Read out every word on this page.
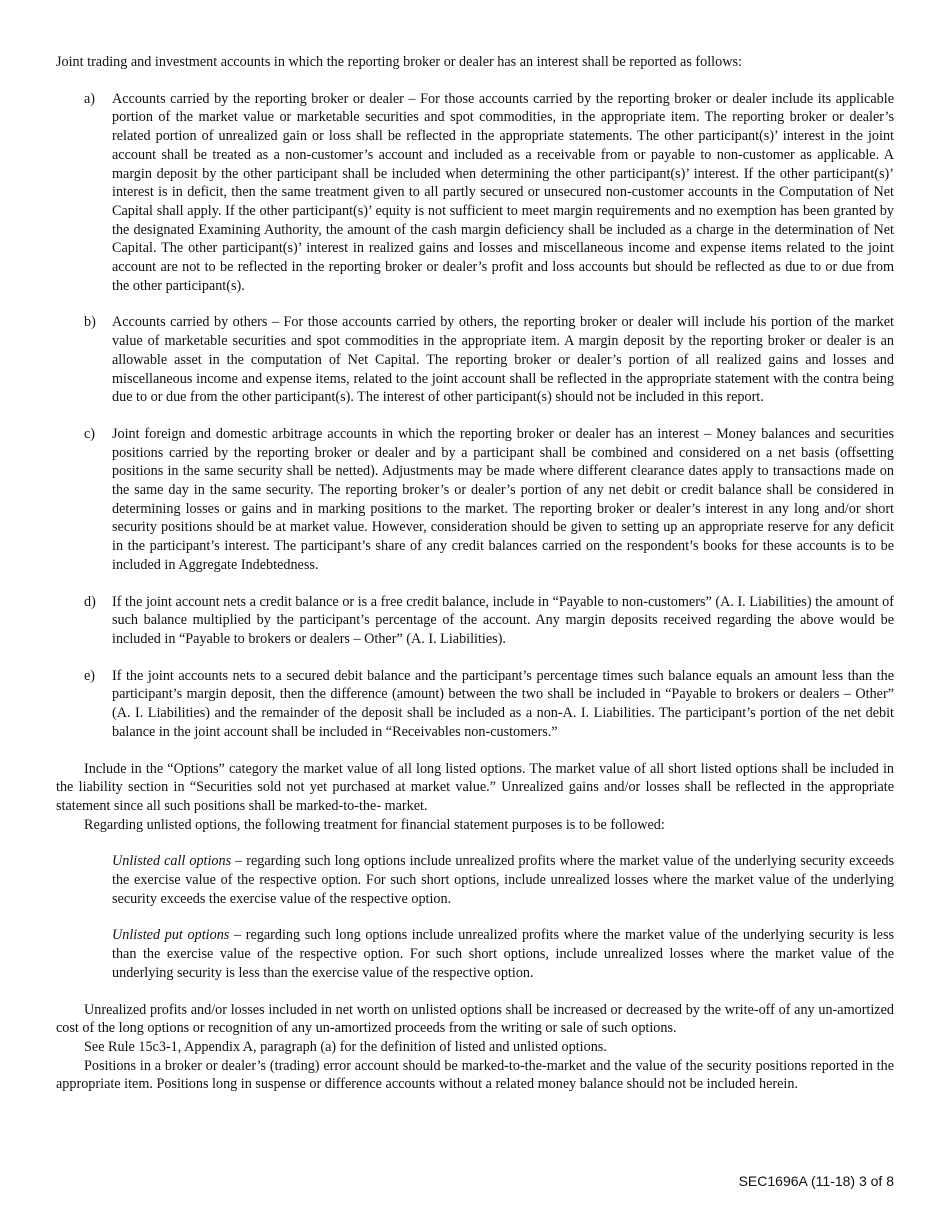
Joint trading and investment accounts in which the reporting broker or dealer has an interest shall be reported as follows:

a)	Accounts carried by the reporting broker or dealer – For those accounts carried by the reporting broker or dealer include its applicable portion of the market value or marketable securities and spot commodities, in the appropriate item. The reporting broker or dealer’s related portion of unrealized gain or loss shall be reflected in the appropriate statements. The other participant(s)’ interest in the joint account shall be treated as a non-customer’s account and included as a receivable from or payable to non-customer as applicable. A margin deposit by the other participant shall be included when determining the other participant(s)’ interest. If the other participant(s)’ interest is in deficit, then the same treatment given to all partly secured or unsecured non-customer accounts in the Computation of Net Capital shall apply. If the other participant(s)’ equity is not sufficient to meet margin requirements and no exemption has been granted by the designated Examining Authority, the amount of the cash margin deficiency shall be included as a charge in the determination of Net Capital. The other participant(s)’ interest in realized gains and losses and miscellaneous income and expense items related to the joint account are not to be reflected in the reporting broker or dealer’s profit and loss accounts but should be reflected as due to or due from the other participant(s).

b)	Accounts carried by others – For those accounts carried by others, the reporting broker or dealer will include his portion of the market value of marketable securities and spot commodities in the appropriate item. A margin deposit by the reporting broker or dealer is an allowable asset in the computation of Net Capital. The reporting broker or dealer’s portion of all realized gains and losses and miscellaneous income and expense items, related to the joint account shall be reflected in the appropriate statement with the contra being due to or due from the other participant(s). The interest of other participant(s) should not be included in this report.

c)	Joint foreign and domestic arbitrage accounts in which the reporting broker or dealer has an interest – Money balances and securities positions carried by the reporting broker or dealer and by a participant shall be combined and considered on a net basis (offsetting positions in the same security shall be netted). Adjustments may be made where different clearance dates apply to transactions made on the same day in the same security. The reporting broker’s or dealer’s portion of any net debit or credit balance shall be considered in determining losses or gains and in marking positions to the market. The reporting broker or dealer’s interest in any long and/or short security positions should be at market value. However, consideration should be given to setting up an appropriate reserve for any deficit in the participant’s interest. The participant’s share of any credit balances carried on the respondent’s books for these accounts is to be included in Aggregate Indebtedness.

d)	If the joint account nets a credit balance or is a free credit balance, include in “Payable to non-customers” (A. I. Liabilities) the amount of such balance multiplied by the participant’s percentage of the account. Any margin deposits received regarding the above would be included in “Payable to brokers or dealers – Other” (A. I. Liabilities).

e)	If the joint accounts nets to a secured debit balance and the participant’s percentage times such balance equals an amount less than the participant’s margin deposit, then the difference (amount) between the two shall be included in “Payable to brokers or dealers – Other” (A. I. Liabilities) and the remainder of the deposit shall be included as a non-A. I. Liabilities. The participant’s portion of the net debit balance in the joint account shall be included in “Receivables non-customers.”

Include in the “Options” category the market value of all long listed options. The market value of all short listed options shall be included in the liability section in “Securities sold not yet purchased at market value.” Unrealized gains and/or losses shall be reflected in the appropriate statement since all such positions shall be marked-to-the- market.

Regarding unlisted options, the following treatment for financial statement purposes is to be followed:

Unlisted call options – regarding such long options include unrealized profits where the market value of the underlying security exceeds the exercise value of the respective option. For such short options, include unrealized losses where the market value of the underlying security exceeds the exercise value of the respective option.

Unlisted put options – regarding such long options include unrealized profits where the market value of the underlying security is less than the exercise value of the respective option. For such short options, include unrealized losses where the market value of the underlying security is less than the exercise value of the respective option.

Unrealized profits and/or losses included in net worth on unlisted options shall be increased or decreased by the write-off of any un-amortized cost of the long options or recognition of any un-amortized proceeds from the writing or sale of such options.

See Rule 15c3-1, Appendix A, paragraph (a) for the definition of listed and unlisted options.

Positions in a broker or dealer’s (trading) error account should be marked-to-the-market and the value of the security positions reported in the appropriate item. Positions long in suspense or difference accounts without a related money balance should not be included herein.

SEC1696A (11-18) 3 of 8
